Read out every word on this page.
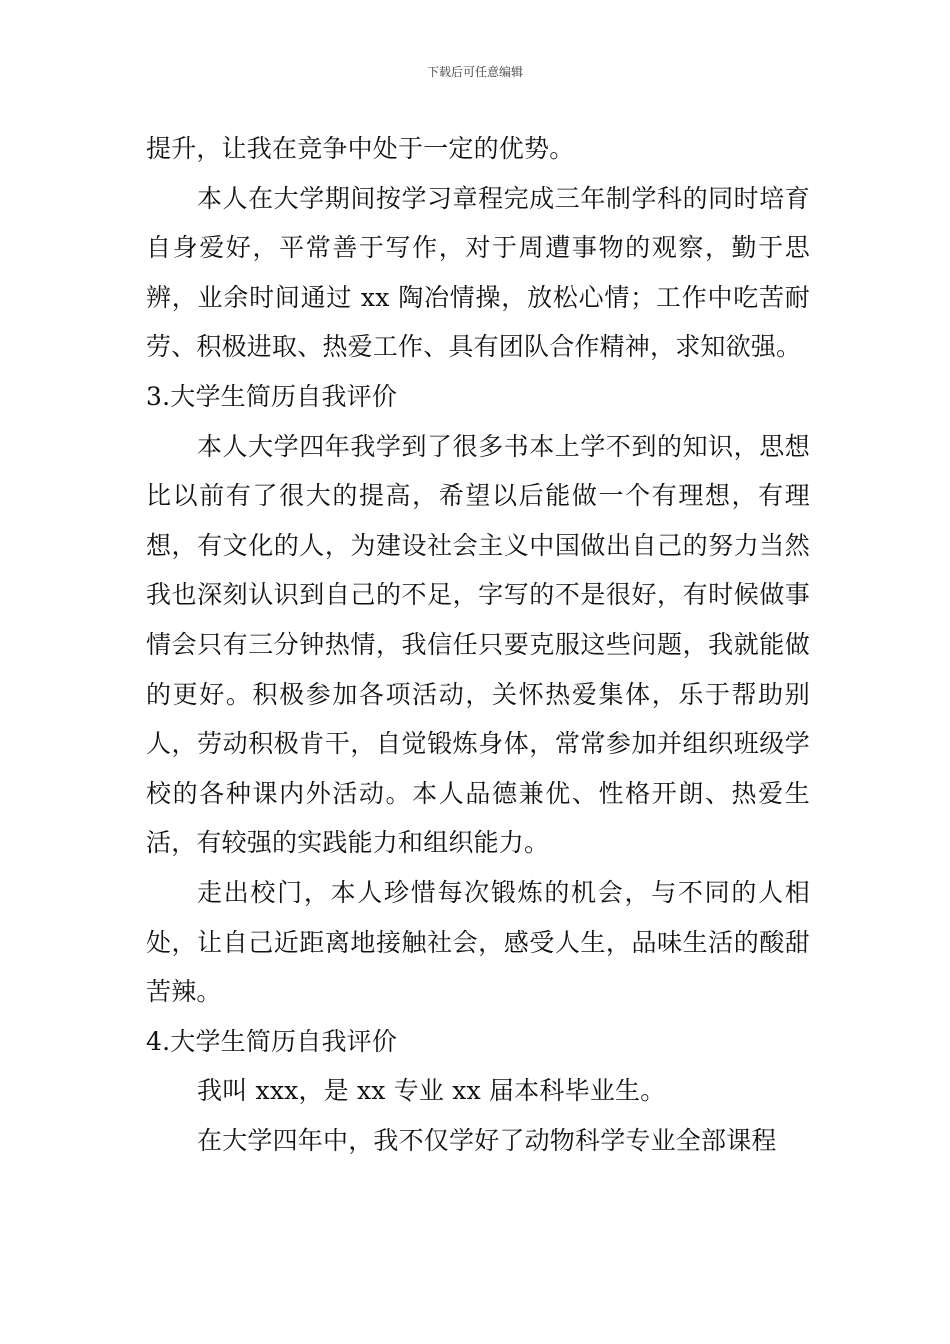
下载后可任意编辑

提升，让我在竞争中处于一定的优势。

本人在大学期间按学习章程完成三年制学科的同时培育自身爱好，平常善于写作，对于周遭事物的观察，勤于思辨，业余时间通过 xx 陶冶情操，放松心情；工作中吃苦耐劳、积极进取、热爱工作、具有团队合作精神，求知欲强。

3.大学生简历自我评价

本人大学四年我学到了很多书本上学不到的知识，思想比以前有了很大的提高，希望以后能做一个有理想，有理想，有文化的人，为建设社会主义中国做出自己的努力当然我也深刻认识到自己的不足，字写的不是很好，有时候做事情会只有三分钟热情，我信任只要克服这些问题，我就能做的更好。积极参加各项活动，关怀热爱集体，乐于帮助别人，劳动积极肯干，自觉锻炼身体，常常参加并组织班级学校的各种课内外活动。本人品德兼优、性格开朗、热爱生活，有较强的实践能力和组织能力。

走出校门，本人珍惜每次锻炼的机会，与不同的人相处，让自己近距离地接触社会，感受人生，品味生活的酸甜苦辣。

4.大学生简历自我评价

我叫 xxx，是 xx 专业 xx 届本科毕业生。

在大学四年中，我不仅学好了动物科学专业全部课程
